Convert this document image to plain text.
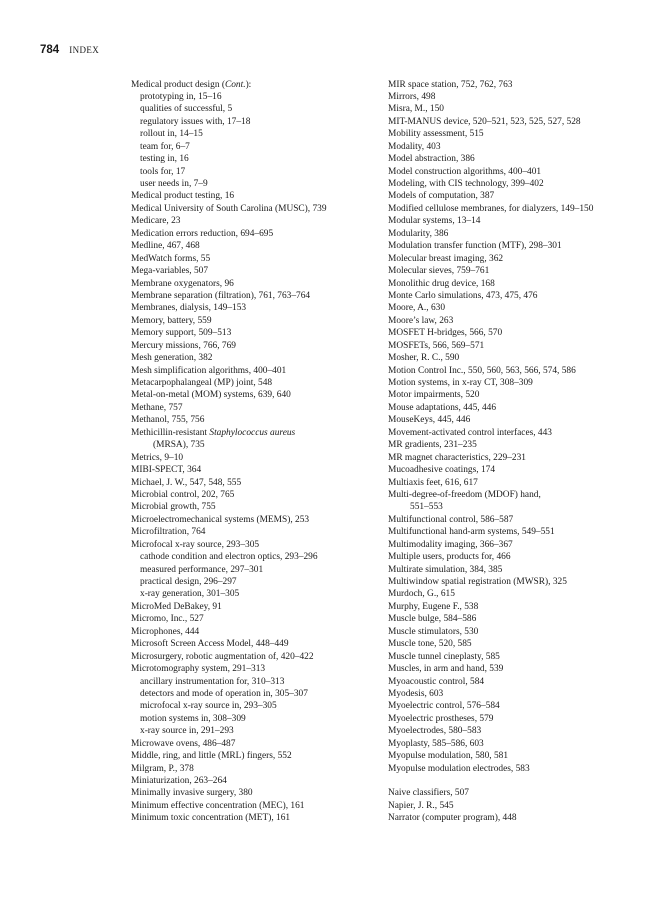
784 INDEX
Medical product design (Cont.):
prototyping in, 15–16
qualities of successful, 5
regulatory issues with, 17–18
rollout in, 14–15
team for, 6–7
testing in, 16
tools for, 17
user needs in, 7–9
Medical product testing, 16
Medical University of South Carolina (MUSC), 739
Medicare, 23
Medication errors reduction, 694–695
Medline, 467, 468
MedWatch forms, 55
Mega-variables, 507
Membrane oxygenators, 96
Membrane separation (filtration), 761, 763–764
Membranes, dialysis, 149–153
Memory, battery, 559
Memory support, 509–513
Mercury missions, 766, 769
Mesh generation, 382
Mesh simplification algorithms, 400–401
Metacarpophalangeal (MP) joint, 548
Metal-on-metal (MOM) systems, 639, 640
Methane, 757
Methanol, 755, 756
Methicillin-resistant Staphylococcus aureus
(MRSA), 735
Metrics, 9–10
MIBI-SPECT, 364
Michael, J. W., 547, 548, 555
Microbial control, 202, 765
Microbial growth, 755
Microelectromechanical systems (MEMS), 253
Microfiltration, 764
Microfocal x-ray source, 293–305
cathode condition and electron optics, 293–296
measured performance, 297–301
practical design, 296–297
x-ray generation, 301–305
MicroMed DeBakey, 91
Micromo, Inc., 527
Microphones, 444
Microsoft Screen Access Model, 448–449
Microsurgery, robotic augmentation of, 420–422
Microtomography system, 291–313
ancillary instrumentation for, 310–313
detectors and mode of operation in, 305–307
microfocal x-ray source in, 293–305
motion systems in, 308–309
x-ray source in, 291–293
Microwave ovens, 486–487
Middle, ring, and little (MRL) fingers, 552
Milgram, P., 378
Miniaturization, 263–264
Minimally invasive surgery, 380
Minimum effective concentration (MEC), 161
Minimum toxic concentration (MET), 161
MIR space station, 752, 762, 763
Mirrors, 498
Misra, M., 150
MIT-MANUS device, 520–521, 523, 525, 527, 528
Mobility assessment, 515
Modality, 403
Model abstraction, 386
Model construction algorithms, 400–401
Modeling, with CIS technology, 399–402
Models of computation, 387
Modified cellulose membranes, for dialyzers, 149–150
Modular systems, 13–14
Modularity, 386
Modulation transfer function (MTF), 298–301
Molecular breast imaging, 362
Molecular sieves, 759–761
Monolithic drug device, 168
Monte Carlo simulations, 473, 475, 476
Moore, A., 630
Moore’s law, 263
MOSFET H-bridges, 566, 570
MOSFETs, 566, 569–571
Mosher, R. C., 590
Motion Control Inc., 550, 560, 563, 566, 574, 586
Motion systems, in x-ray CT, 308–309
Motor impairments, 520
Mouse adaptations, 445, 446
MouseKeys, 445, 446
Movement-activated control interfaces, 443
MR gradients, 231–235
MR magnet characteristics, 229–231
Mucoadhesive coatings, 174
Multiaxis feet, 616, 617
Multi-degree-of-freedom (MDOF) hand,
551–553
Multifunctional control, 586–587
Multifunctional hand-arm systems, 549–551
Multimodality imaging, 366–367
Multiple users, products for, 466
Multirate simulation, 384, 385
Multiwindow spatial registration (MWSR), 325
Murdoch, G., 615
Murphy, Eugene F., 538
Muscle bulge, 584–586
Muscle stimulators, 530
Muscle tone, 520, 585
Muscle tunnel cineplasty, 585
Muscles, in arm and hand, 539
Myoacoustic control, 584
Myodesis, 603
Myoelectric control, 576–584
Myoelectric prostheses, 579
Myoelectrodes, 580–583
Myoplasty, 585–586, 603
Myopulse modulation, 580, 581
Myopulse modulation electrodes, 583
Naive classifiers, 507
Napier, J. R., 545
Narrator (computer program), 448
